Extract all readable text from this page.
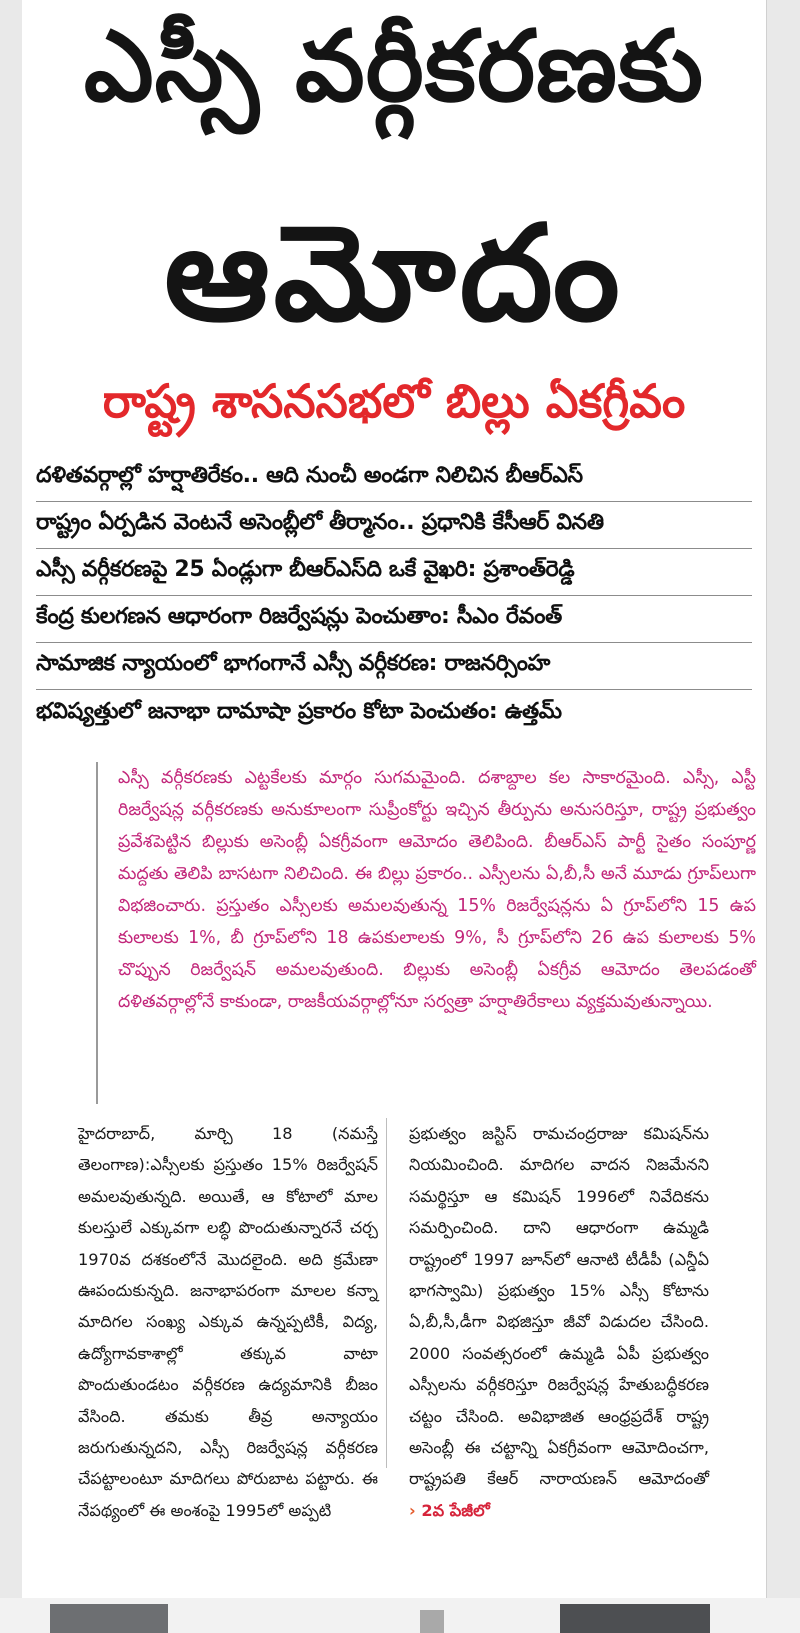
ఎస్సీ వర్గీకరణకు
ఆమోదం
రాష్ట్ర శాసనసభలో బిల్లు ఏకగ్రీవం
దళితవర్గాల్లో హర్షాతిరేకం.. ఆది నుంచీ అండగా నిలిచిన బీఆర్ఎస్
రాష్ట్రం ఏర్పడిన వెంటనే అసెంబ్లీలో తీర్మానం.. ప్రధానికి కేసీఆర్ వినతి
ఎస్సీ వర్గీకరణపై 25 ఏండ్లుగా బీఆర్ఎస్‌ది ఒకే వైఖరి: ప్రశాంత్‌రెడ్డి
కేంద్ర కులగణన ఆధారంగా రిజర్వేషన్లు పెంచుతాం: సీఎం రేవంత్
సామాజిక న్యాయంలో భాగంగానే ఎస్సీ వర్గీకరణ: రాజనర్సింహ
భవిష్యత్తులో జనాభా దామాషా ప్రకారం కోటా పెంచుతం: ఉత్తమ్
ఎస్సీ వర్గీకరణకు ఎట్టకేలకు మార్గం సుగమమైంది. దశాబ్దాల కల సాకారమైంది. ఎస్సీ, ఎస్టీ రిజర్వేషన్ల వర్గీకరణకు అనుకూలంగా సుప్రీంకోర్టు ఇచ్చిన తీర్పును అనుసరిస్తూ, రాష్ట్ర ప్రభుత్వం ప్రవేశపెట్టిన బిల్లుకు అసెంబ్లీ ఏకగ్రీవంగా ఆమోదం తెలిపింది. బీఆర్ఎస్ పార్టీ సైతం సంపూర్ణ మద్దతు తెలిపి బాసటగా నిలిచింది. ఈ బిల్లు ప్రకారం.. ఎస్సీలను ఏ,బీ,సీ అనే మూడు గ్రూప్‌లుగా విభజించారు. ప్రస్తుతం ఎస్సీలకు అమలవుతున్న 15% రిజర్వేషన్లను ఏ గ్రూప్‌లోని 15 ఉప కులాలకు 1%, బీ గ్రూప్‌లోని 18 ఉపకులాలకు 9%, సీ గ్రూప్‌లోని 26 ఉప కులాలకు 5% చొప్పున రిజర్వేషన్ అమలవుతుంది. బిల్లుకు అసెంబ్లీ ఏకగ్రీవ ఆమోదం తెలపడంతో దళితవర్గాల్లోనే కాకుండా, రాజకీయవర్గాల్లోనూ సర్వత్రా హర్షాతిరేకాలు వ్యక్తమవుతున్నాయి.
హైదరాబాద్, మార్చి 18 (నమస్తే తెలంగాణ):ఎస్సీలకు ప్రస్తుతం 15% రిజర్వేషన్ అమలవుతున్నది. అయితే, ఆ కోటాలో మాల కులస్తులే ఎక్కువగా లబ్ధి పొందుతున్నారనే చర్చ 1970వ దశకంలోనే మొదలైంది. అది క్రమేణా ఊపందుకున్నది. జనాభాపరంగా మాలల కన్నా మాదిగల సంఖ్య ఎక్కువ ఉన్నప్పటికీ, విద్య, ఉద్యోగావకాశాల్లో తక్కువ వాటా పొందుతుండటం వర్గీకరణ ఉద్యమానికి బీజం వేసింది. తమకు తీవ్ర అన్యాయం జరుగుతున్నదని, ఎస్సీ రిజర్వేషన్ల వర్గీకరణ చేపట్టాలంటూ మాదిగలు పోరుబాట పట్టారు. ఈ నేపథ్యంలో ఈ అంశంపై 1995లో అప్పటి
ప్రభుత్వం జస్టిస్ రామచంద్రరాజు కమిషన్‌ను నియమించింది. మాదిగల వాదన నిజమేనని సమర్థిస్తూ ఆ కమిషన్ 1996లో నివేదికను సమర్పించింది. దాని ఆధారంగా ఉమ్మడి రాష్ట్రంలో 1997 జూన్‌లో ఆనాటి టీడీపీ (ఎన్డీఏ భాగస్వామి) ప్రభుత్వం 15% ఎస్సీ కోటాను ఏ,బీ,సీ,డీగా విభజిస్తూ జీవో విడుదల చేసింది. 2000 సంవత్సరంలో ఉమ్మడి ఏపీ ప్రభుత్వం ఎస్సీలను వర్గీకరిస్తూ రిజర్వేషన్ల హేతుబద్ధీకరణ చట్టం చేసింది. అవిభాజిత ఆంధ్రప్రదేశ్ రాష్ట్ర అసెంబ్లీ ఈ చట్టాన్ని ఏకగ్రీవంగా ఆమోదించగా, రాష్ట్రపతి కేఆర్ నారాయణన్ ఆమోదంతో › 2వ పేజీలో
